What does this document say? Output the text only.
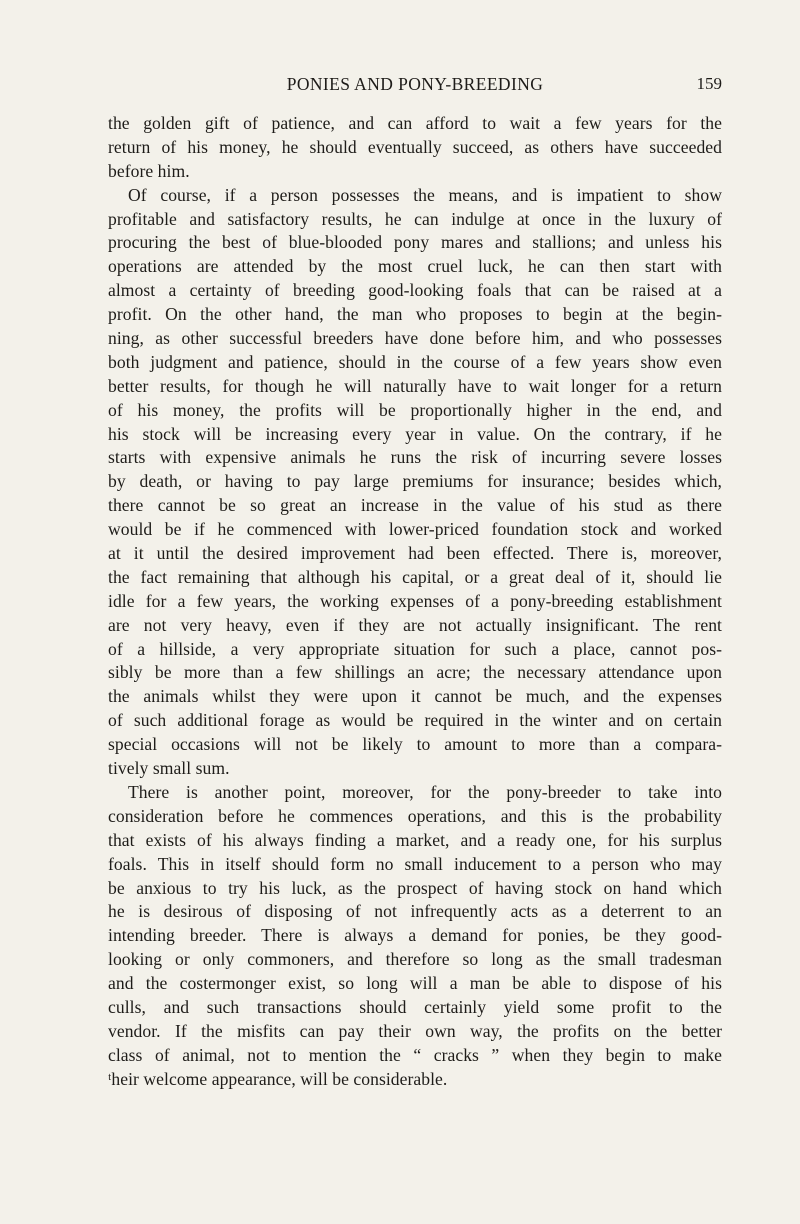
PONIES AND PONY-BREEDING	159
the golden gift of patience, and can afford to wait a few years for the
return of his money, he should eventually succeed, as others have succeeded
before him.
Of course, if a person possesses the means, and is impatient to show
profitable and satisfactory results, he can indulge at once in the luxury of
procuring the best of blue-blooded pony mares and stallions; and unless his
operations are attended by the most cruel luck, he can then start with
almost a certainty of breeding good-looking foals that can be raised at a
profit. On the other hand, the man who proposes to begin at the begin-
ning, as other successful breeders have done before him, and who possesses
both judgment and patience, should in the course of a few years show even
better results, for though he will naturally have to wait longer for a return
of his money, the profits will be proportionally higher in the end, and
his stock will be increasing every year in value. On the contrary, if he
starts with expensive animals he runs the risk of incurring severe losses
by death, or having to pay large premiums for insurance; besides which,
there cannot be so great an increase in the value of his stud as there
would be if he commenced with lower-priced foundation stock and worked
at it until the desired improvement had been effected. There is, moreover,
the fact remaining that although his capital, or a great deal of it, should lie
idle for a few years, the working expenses of a pony-breeding establishment
are not very heavy, even if they are not actually insignificant. The rent
of a hillside, a very appropriate situation for such a place, cannot pos-
sibly be more than a few shillings an acre; the necessary attendance upon
the animals whilst they were upon it cannot be much, and the expenses
of such additional forage as would be required in the winter and on certain
special occasions will not be likely to amount to more than a compara-
tively small sum.
There is another point, moreover, for the pony-breeder to take into
consideration before he commences operations, and this is the probability
that exists of his always finding a market, and a ready one, for his surplus
foals. This in itself should form no small inducement to a person who may
be anxious to try his luck, as the prospect of having stock on hand which
he is desirous of disposing of not infrequently acts as a deterrent to an
intending breeder. There is always a demand for ponies, be they good-
looking or only commoners, and therefore so long as the small tradesman
and the costermonger exist, so long will a man be able to dispose of his
culls, and such transactions should certainly yield some profit to the
vendor. If the misfits can pay their own way, the profits on the better
class of animal, not to mention the “ cracks ” when they begin to make
ᵗheir welcome appearance, will be considerable.
